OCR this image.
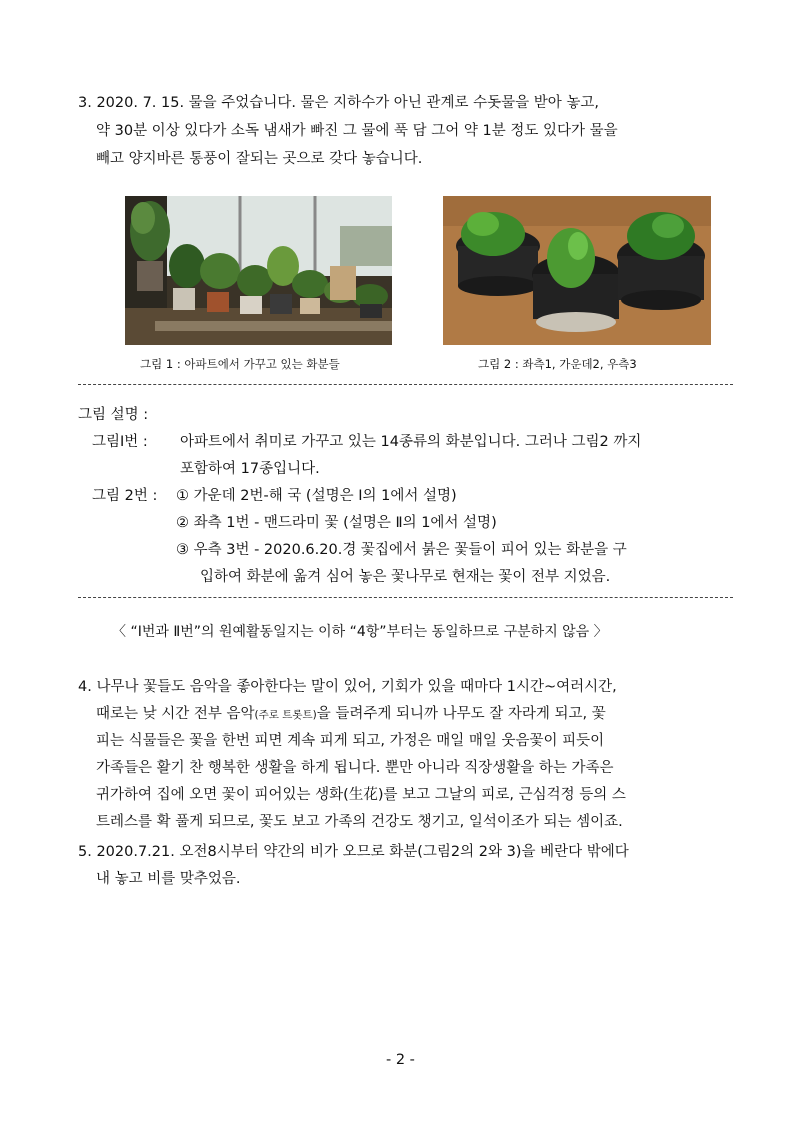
3. 2020. 7. 15. 물을 주었습니다. 물은 지하수가 아닌 관계로 수돗물을 받아 놓고,
약 30분 이상 있다가 소독 냄새가 빠진 그 물에 푹 담 그어 약 1분 정도 있다가 물을
빼고 양지바른 통풍이 잘되는 곳으로 갖다 놓습니다.
그림 1 : 아파트에서 가꾸고 있는 화분들	그림 2 : 좌측1, 가운데2, 우측3
그림 설명 :
그림Ⅰ번 : 아파트에서 취미로 가꾸고 있는 14종류의 화분입니다. 그러나 그림2 까지
포함하여 17종입니다.
그림 2번 : ① 가운데 2번-해 국 (설명은 Ⅰ의 1에서 설명)
② 좌측 1번 - 맨드라미 꽃 (설명은 Ⅱ의 1에서 설명)
③ 우측 3번 - 2020.6.20.경 꽃집에서 붉은 꽃들이 피어 있는 화분을 구
입하여 화분에 옮겨 심어 놓은 꽃나무로 현재는 꽃이 전부 지었음.
〈 “Ⅰ번과 Ⅱ번”의 원예활동일지는 이하 “4항”부터는 동일하므로 구분하지 않음 〉
4. 나무나 꽃들도 음악을 좋아한다는 말이 있어, 기회가 있을 때마다 1시간~여러시간,
때로는 낮 시간 전부 음악(주로 트롯트)을 들려주게 되니까 나무도 잘 자라게 되고, 꽃
피는 식물들은 꽃을 한번 피면 계속 피게 되고, 가정은 매일 매일 웃음꽃이 피듯이
가족들은 활기 찬 행복한 생활을 하게 됩니다. 뿐만 아니라 직장생활을 하는 가족은
귀가하여 집에 오면 꽃이 피어있는 생화(生花)를 보고 그날의 피로, 근심걱정 등의 스
트레스를 확 풀게 되므로, 꽃도 보고 가족의 건강도 챙기고, 일석이조가 되는 셈이죠.
5. 2020.7.21. 오전8시부터 약간의 비가 오므로 화분(그림2의 2와 3)을 베란다 밖에다
내 놓고 비를 맞추었음.
- 2 -
